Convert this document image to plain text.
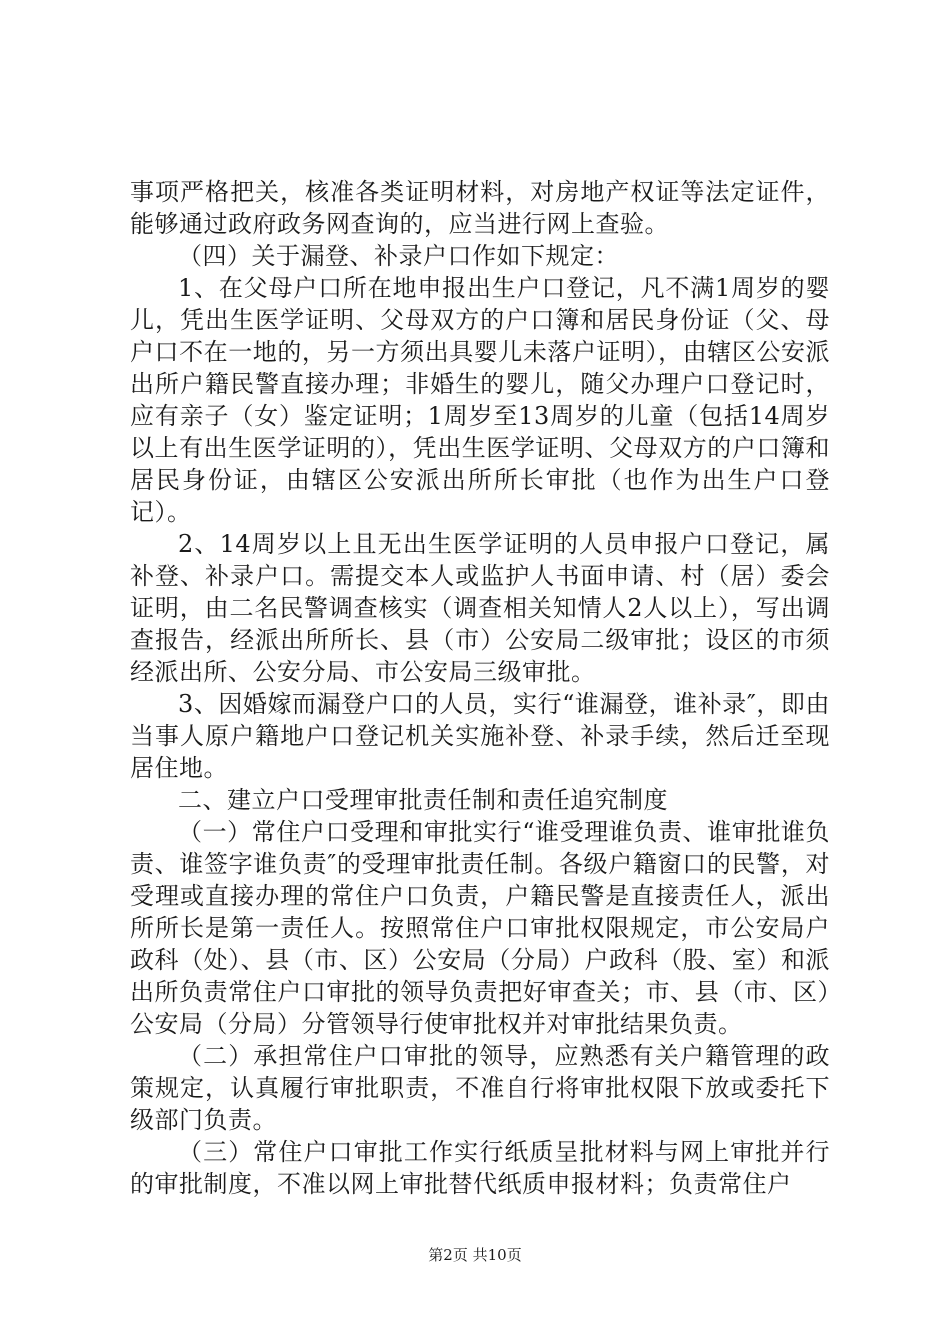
事项严格把关，核准各类证明材料，对房地产权证等法定证件，能够通过政府政务网查询的，应当进行网上查验。

（四）关于漏登、补录户口作如下规定：

1、在父母户口所在地申报出生户口登记，凡不满1周岁的婴儿，凭出生医学证明、父母双方的户口簿和居民身份证（父、母户口不在一地的，另一方须出具婴儿未落户证明），由辖区公安派出所户籍民警直接办理；非婚生的婴儿，随父办理户口登记时，应有亲子（女）鉴定证明；1周岁至13周岁的儿童（包括14周岁以上有出生医学证明的），凭出生医学证明、父母双方的户口簿和居民身份证，由辖区公安派出所所长审批（也作为出生户口登记）。

2、14周岁以上且无出生医学证明的人员申报户口登记，属补登、补录户口。需提交本人或监护人书面申请、村（居）委会证明，由二名民警调查核实（调查相关知情人2人以上），写出调查报告，经派出所所长、县（市）公安局二级审批；设区的市须经派出所、公安分局、市公安局三级审批。

3、因婚嫁而漏登户口的人员，实行“谁漏登，谁补录″，即由当事人原户籍地户口登记机关实施补登、补录手续，然后迁至现居住地。

二、建立户口受理审批责任制和责任追究制度

（一）常住户口受理和审批实行“谁受理谁负责、谁审批谁负责、谁签字谁负责″的受理审批责任制。各级户籍窗口的民警，对受理或直接办理的常住户口负责，户籍民警是直接责任人，派出所所长是第一责任人。按照常住户口审批权限规定，市公安局户政科（处）、县（市、区）公安局（分局）户政科（股、室）和派出所负责常住户口审批的领导负责把好审查关；市、县（市、区）公安局（分局）分管领导行使审批权并对审批结果负责。

（二）承担常住户口审批的领导，应熟悉有关户籍管理的政策规定，认真履行审批职责，不准自行将审批权限下放或委托下级部门负责。

（三）常住户口审批工作实行纸质呈批材料与网上审批并行的审批制度，不准以网上审批替代纸质申报材料；负责常住户

第2页 共10页
